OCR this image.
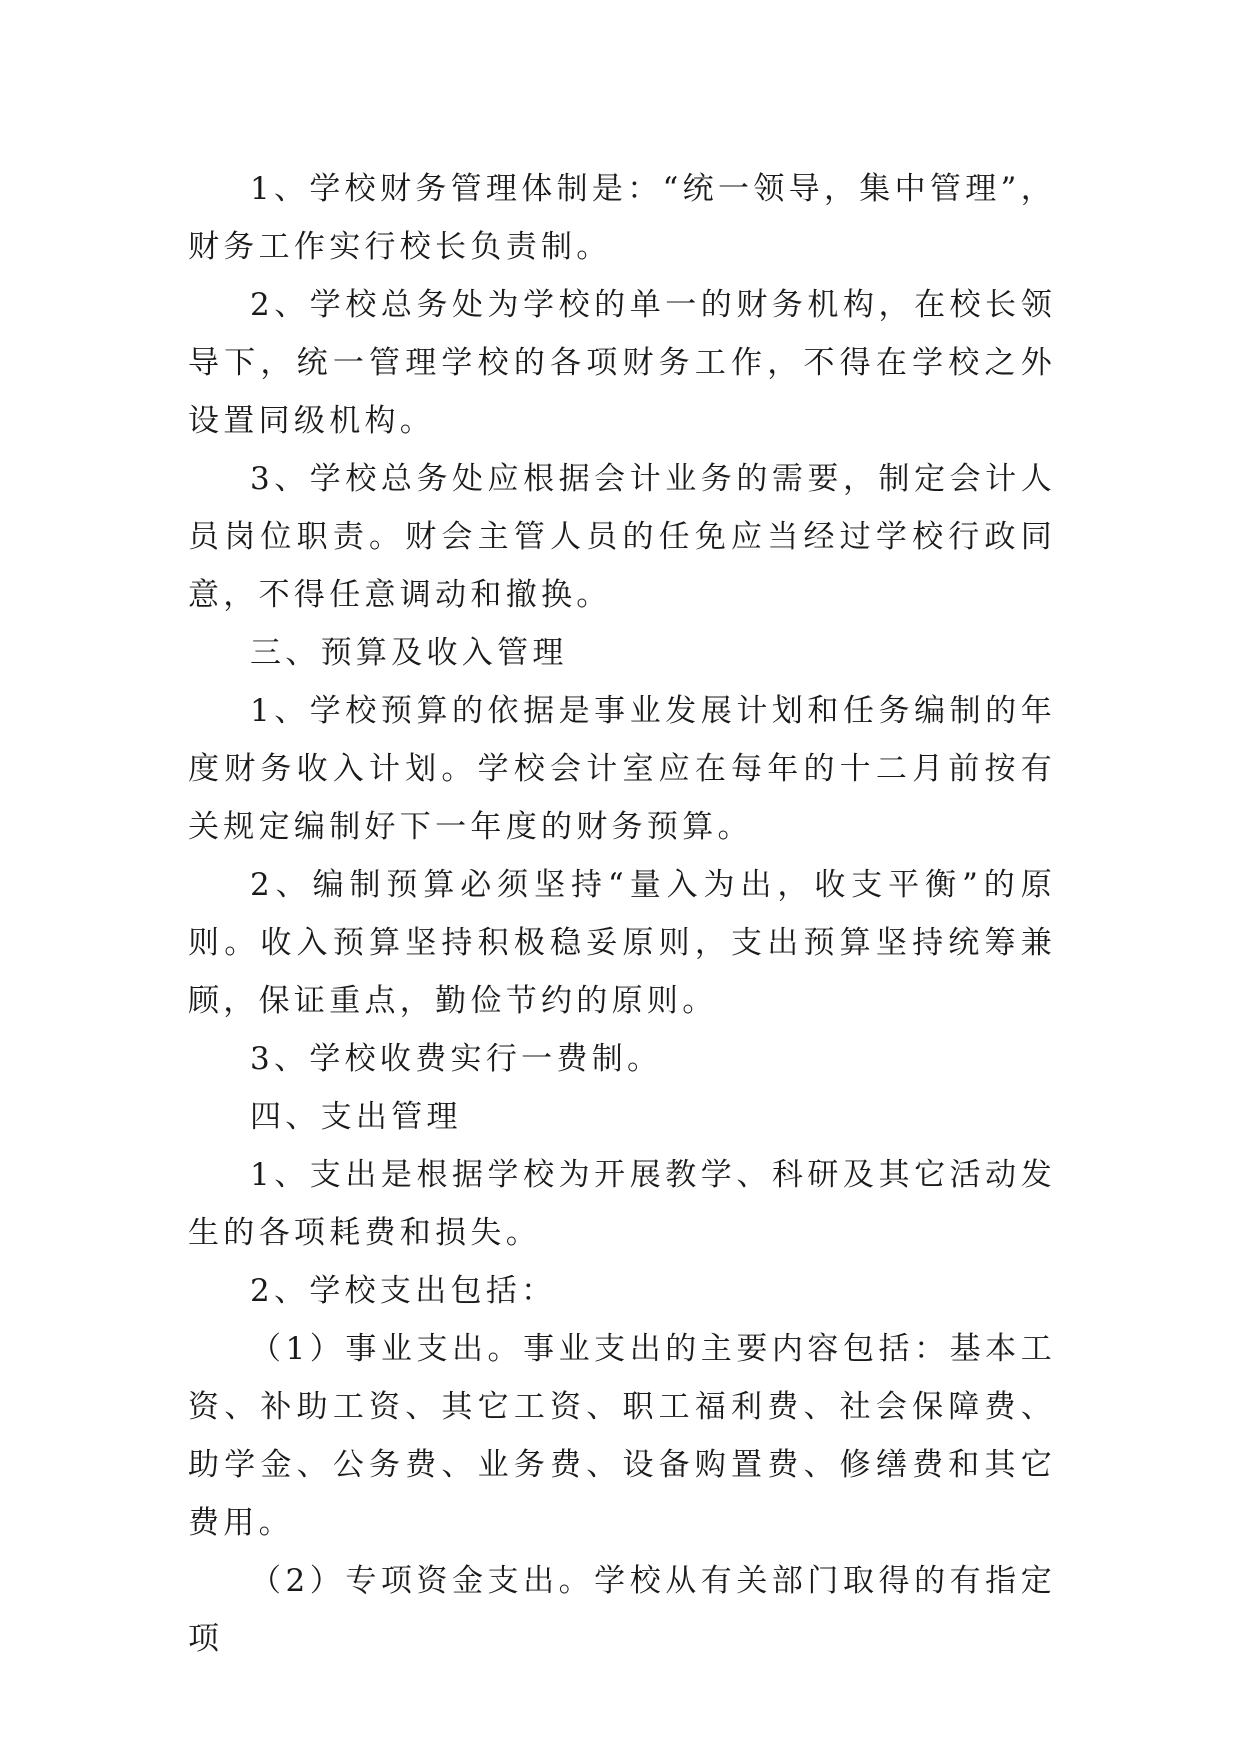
1、学校财务管理体制是：“统一领导，集中管理”，财务工作实行校长负责制。

2、学校总务处为学校的单一的财务机构，在校长领导下，统一管理学校的各项财务工作，不得在学校之外设置同级机构。

3、学校总务处应根据会计业务的需要，制定会计人员岗位职责。财会主管人员的任免应当经过学校行政同意，不得任意调动和撤换。

三、预算及收入管理

1、学校预算的依据是事业发展计划和任务编制的年度财务收入计划。学校会计室应在每年的十二月前按有关规定编制好下一年度的财务预算。

2、编制预算必须坚持“量入为出，收支平衡”的原则。收入预算坚持积极稳妥原则，支出预算坚持统筹兼顾，保证重点，勤俭节约的原则。

3、学校收费实行一费制。

四、支出管理

1、支出是根据学校为开展教学、科研及其它活动发生的各项耗费和损失。

2、学校支出包括：

（1）事业支出。事业支出的主要内容包括：基本工资、补助工资、其它工资、职工福利费、社会保障费、助学金、公务费、业务费、设备购置费、修缮费和其它费用。

（2）专项资金支出。学校从有关部门取得的有指定项
